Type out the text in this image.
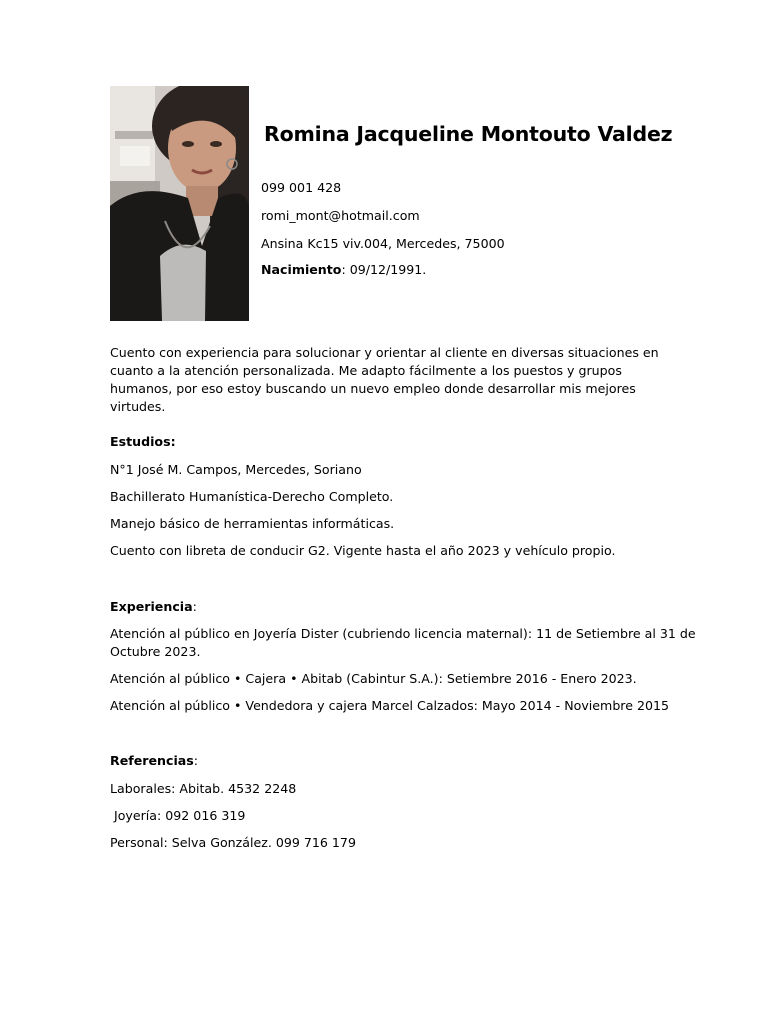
Romina Jacqueline Montouto Valdez
099 001 428
romi_mont@hotmail.com
Ansina Kc15 viv.004, Mercedes, 75000
Nacimiento: 09/12/1991.
Cuento con experiencia para solucionar y orientar al cliente en diversas situaciones en cuanto a la atención personalizada. Me adapto fácilmente a los puestos y grupos humanos, por eso estoy buscando un nuevo empleo donde desarrollar mis mejores virtudes.
Estudios:
N°1 José M. Campos, Mercedes, Soriano
Bachillerato Humanística-Derecho Completo.
Manejo básico de herramientas informáticas.
Cuento con libreta de conducir G2. Vigente hasta el año 2023 y vehículo propio.
Experiencia:
Atención al público en Joyería Dister (cubriendo licencia maternal): 11 de Setiembre al 31 de
Octubre 2023.
Atención al público • Cajera • Abitab (Cabintur S.A.): Setiembre 2016 - Enero 2023.
Atención al público • Vendedora y cajera Marcel Calzados: Mayo 2014 - Noviembre 2015
Referencias:
Laborales: Abitab. 4532 2248
Joyería: 092 016 319
Personal: Selva González. 099 716 179
